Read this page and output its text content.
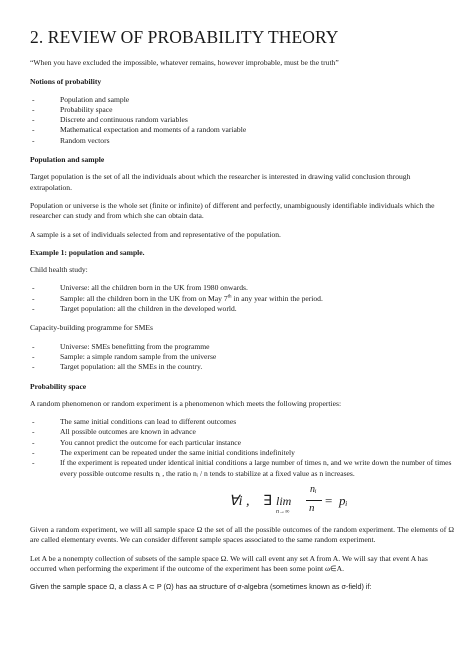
2. REVIEW OF PROBABILITY THEORY

“When you have excluded the impossible, whatever remains, however improbable, must be the truth”

Notions of probability

- Population and sample
- Probability space
- Discrete and continuous random variables
- Mathematical expectation and moments of a random variable
- Random vectors

Population and sample

Target population is the set of all the individuals about which the researcher is interested in drawing valid conclusion through extrapolation.

Population or universe is the whole set (finite or infinite) of different and perfectly, unambiguously identifiable individuals which the researcher can study and from which she can obtain data.

A sample is a set of individuals selected from and representative of the population.

Example 1: population and sample.

Child health study:

- Universe: all the children born in the UK from 1980 onwards.
- Sample: all the children born in the UK from on May 7th in any year within the period.
- Target population: all the children in the developed world.

Capacity-building programme for SMEs

- Universe: SMEs benefitting from the programme
- Sample: a simple random sample from the universe
- Target population: all the SMEs in the country.

Probability space

A random phenomenon or random experiment is a phenomenon which meets the following properties:

- The same initial conditions can lead to different outcomes
- All possible outcomes are known in advance
- You cannot predict the outcome for each particular instance
- The experiment can be repeated under the same initial conditions indefinitely
- If the experiment is repeated under identical initial conditions a large number of times n, and we write down the number of times every possible outcome results nᵢ , the ratio nᵢ / n tends to stabilize at a fixed value as n increases.
∀i , ∃ lim
n→∞
nᵢ
n = pᵢ

Given a random experiment, we will all sample space Ω the set of all the possible outcomes of the random experiment. The elements of Ω are called elementary events. We can consider different sample spaces associated to the same random experiment.

Let A be a nonempty collection of subsets of the sample space Ω. We will call event any set A from A. We will say that event A has occurred when performing the experiment if the outcome of the experiment has been some point ω∈A.

Given the sample space Ω, a class A ⊂ P (Ω) has aa structure of σ-algebra (sometimes known as σ-field) if:
